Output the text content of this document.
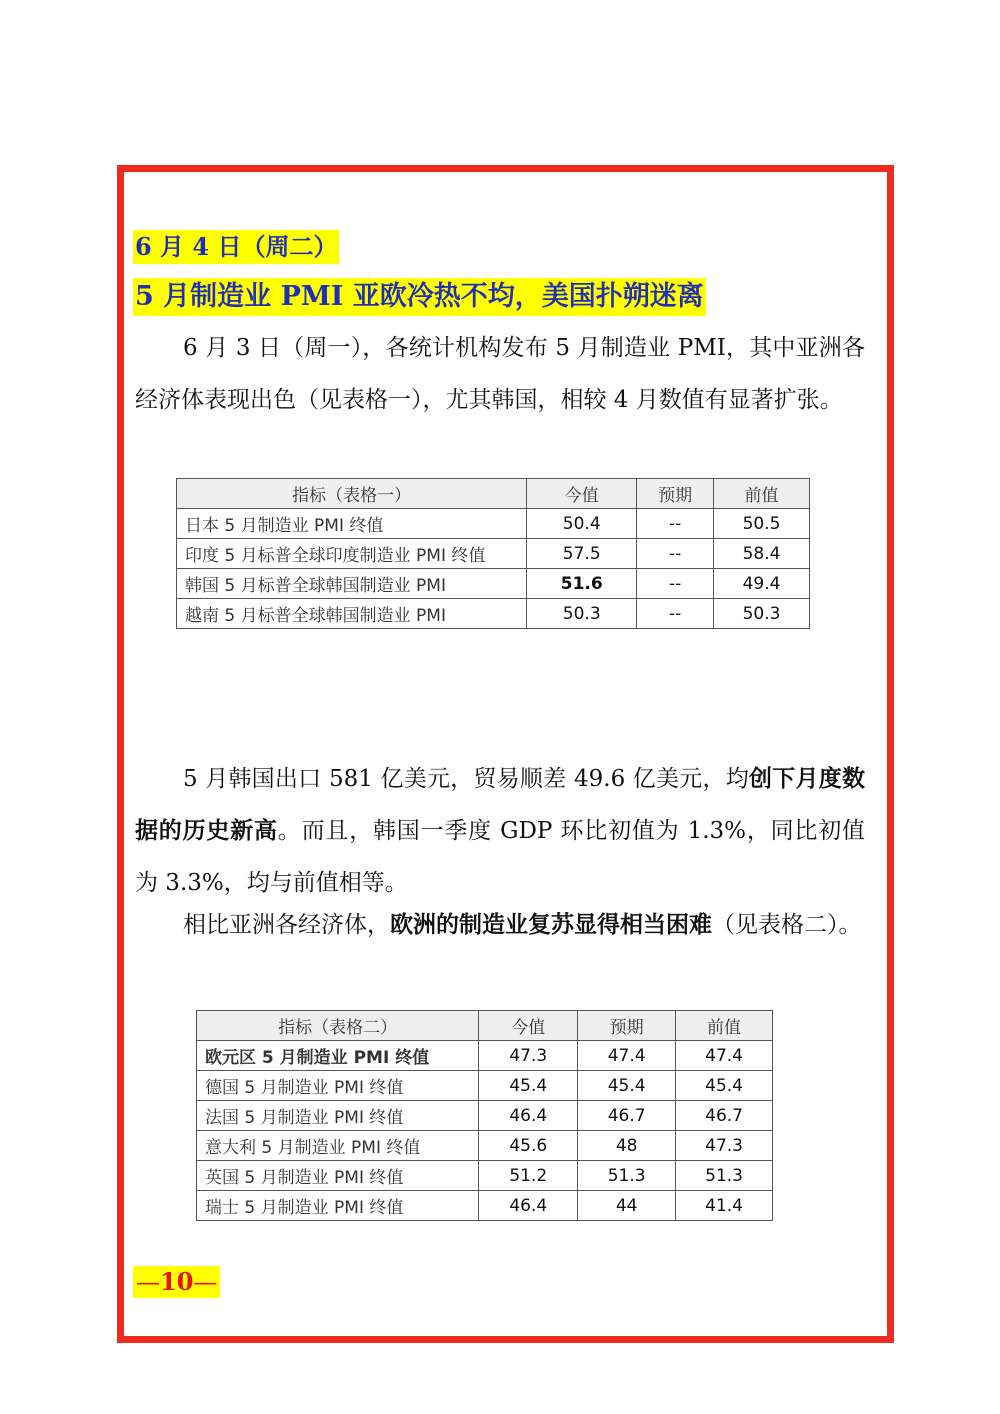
6 月 4 日（周二）
5 月制造业 PMI 亚欧冷热不均，美国扑朔迷离

6 月 3 日（周一），各统计机构发布 5 月制造业 PMI，其中亚洲各经济体表现出色（见表格一），尤其韩国，相较 4 月数值有显著扩张。

指标（表格一）	今值	预期	前值
日本 5 月制造业 PMI 终值	50.4	--	50.5
印度 5 月标普全球印度制造业 PMI 终值	57.5	--	58.4
韩国 5 月标普全球韩国制造业 PMI	51.6	--	49.4
越南 5 月标普全球韩国制造业 PMI	50.3	--	50.3

5 月韩国出口 581 亿美元，贸易顺差 49.6 亿美元，均创下月度数据的历史新高。而且，韩国一季度 GDP 环比初值为 1.3%，同比初值为 3.3%，均与前值相等。

相比亚洲各经济体，欧洲的制造业复苏显得相当困难（见表格二）。

指标（表格二）	今值	预期	前值
欧元区 5 月制造业 PMI 终值	47.3	47.4	47.4
德国 5 月制造业 PMI 终值	45.4	45.4	45.4
法国 5 月制造业 PMI 终值	46.4	46.7	46.7
意大利 5 月制造业 PMI 终值	45.6	48	47.3
英国 5 月制造业 PMI 终值	51.2	51.3	51.3
瑞士 5 月制造业 PMI 终值	46.4	44	41.4
—10—
